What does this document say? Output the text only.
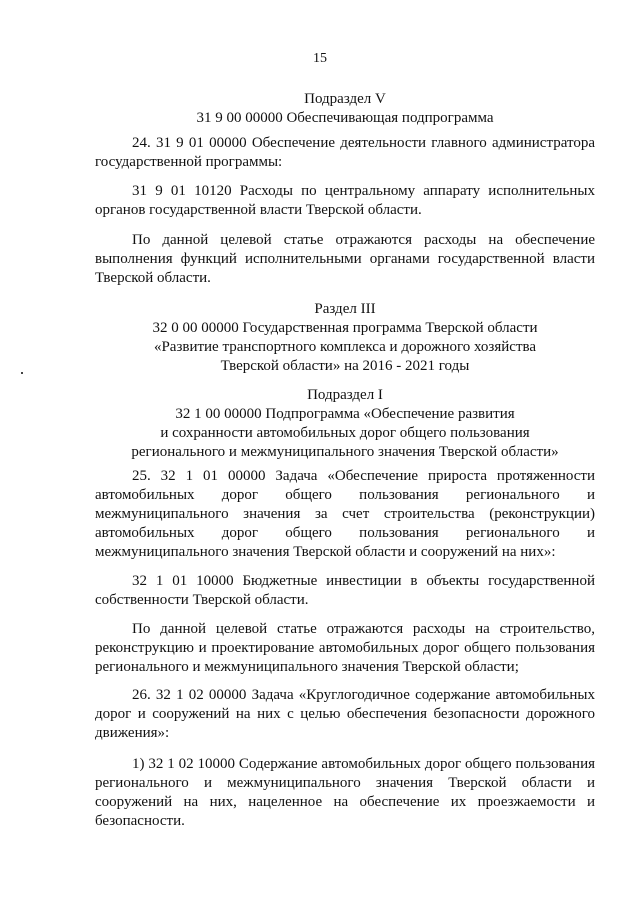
15
Подраздел V
31 9 00 00000 Обеспечивающая подпрограмма
24. 31 9 01 00000 Обеспечение деятельности главного администратора государственной программы:
31 9 01 10120 Расходы по центральному аппарату исполнительных органов государственной власти Тверской области.
По данной целевой статье отражаются расходы на обеспечение выполнения функций исполнительными органами государственной власти Тверской области.
Раздел III
32 0 00 00000 Государственная программа Тверской области
«Развитие транспортного комплекса и дорожного хозяйства
Тверской области» на 2016 - 2021 годы
Подраздел I
32 1 00 00000 Подпрограмма «Обеспечение развития
и сохранности автомобильных дорог общего пользования
регионального и межмуниципального значения Тверской области»
25. 32 1 01 00000 Задача «Обеспечение прироста протяженности
автомобильных дорог общего пользования регионального и
межмуниципального значения за счет строительства (реконструкции)
автомобильных дорог общего пользования регионального и
межмуниципального значения Тверской области и сооружений на них»:
32 1 01 10000 Бюджетные инвестиции в объекты государственной собственности Тверской области.
По данной целевой статье отражаются расходы на строительство, реконструкцию и проектирование автомобильных дорог общего пользования регионального и межмуниципального значения Тверской области;
26. 32 1 02 00000 Задача «Круглогодичное содержание автомобильных дорог и сооружений на них с целью обеспечения безопасности дорожного движения»:
1) 32 1 02 10000 Содержание автомобильных дорог общего пользования регионального и межмуниципального значения Тверской области и сооружений на них, нацеленное на обеспечение их проезжаемости и безопасности.
